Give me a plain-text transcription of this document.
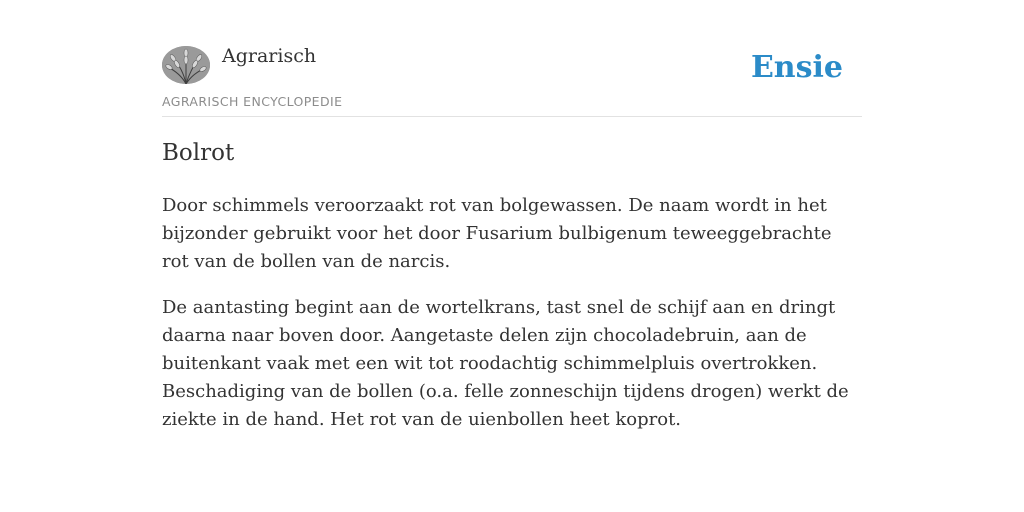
Agrarisch
AGRARISCH ENCYCLOPEDIE
Ensie
Bolrot

Door schimmels veroorzaakt rot van bolgewassen. De naam wordt in het bijzonder gebruikt voor het door Fusarium bulbigenum teweeggebrachte rot van de bollen van de narcis.

De aantasting begint aan de wortelkrans, tast snel de schijf aan en dringt daarna naar boven door. Aangetaste delen zijn chocoladebruin, aan de buitenkant vaak met een wit tot roodachtig schimmelpluis overtrokken. Beschadiging van de bollen (o.a. felle zonneschijn tijdens drogen) werkt de ziekte in de hand. Het rot van de uienbollen heet koprot.
